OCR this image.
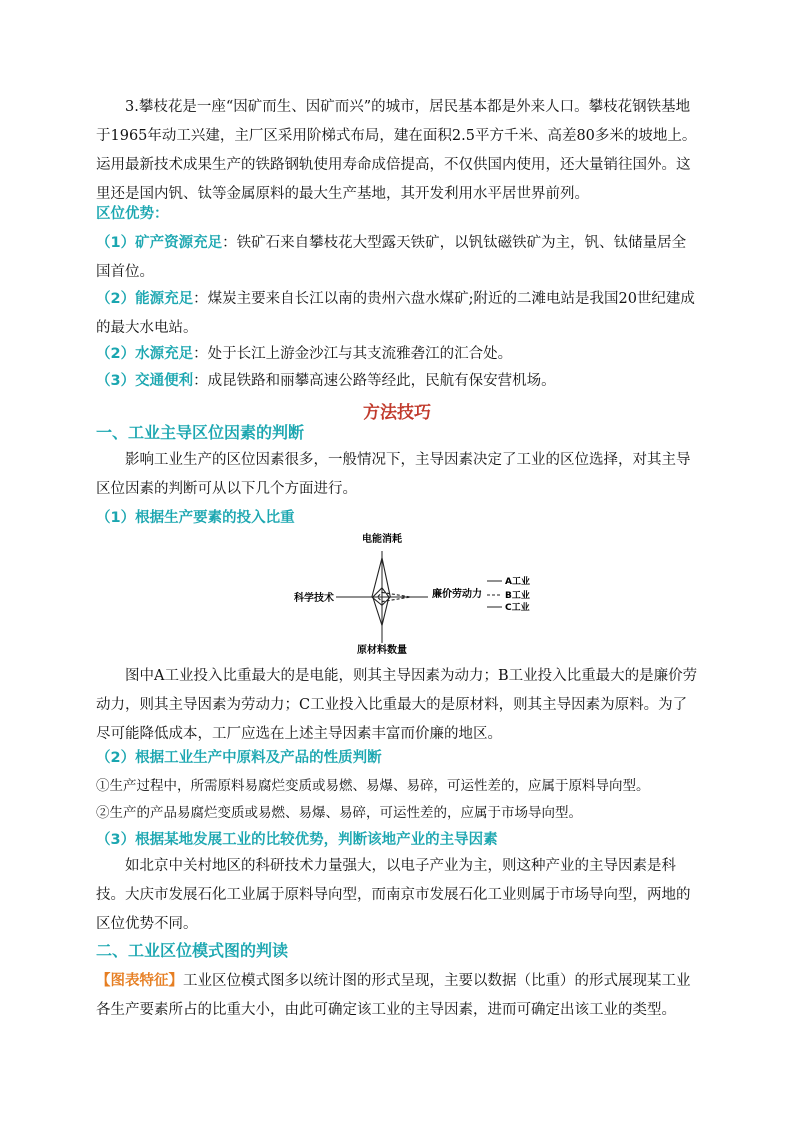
3.攀枝花是一座“因矿而生、因矿而兴”的城市，居民基本都是外来人口。攀枝花钢铁基地于1965年动工兴建，主厂区采用阶梯式布局，建在面积2.5平方千米、高差80多米的坡地上。运用最新技术成果生产的铁路钢轨使用寿命成倍提高，不仅供国内使用，还大量销往国外。这里还是国内钒、钛等金属原料的最大生产基地，其开发利用水平居世界前列。
区位优势：
（1）矿产资源充足：铁矿石来自攀枝花大型露天铁矿，以钒钛磁铁矿为主，钒、钛储量居全国首位。
（2）能源充足：煤炭主要来自长江以南的贵州六盘水煤矿;附近的二滩电站是我国20世纪建成的最大水电站。
（2）水源充足：处于长江上游金沙江与其支流雅砻江的汇合处。
（3）交通便利：成昆铁路和丽攀高速公路等经此，民航有保安营机场。
方法技巧
一、工业主导区位因素的判断
影响工业生产的区位因素很多，一般情况下，主导因素决定了工业的区位选择，对其主导区位因素的判断可从以下几个方面进行。
（1）根据生产要素的投入比重
电能消耗
廉价劳动力
原材料数量
科学技术
A工业
B工业
C工业
图中A工业投入比重最大的是电能，则其主导因素为动力；B工业投入比重最大的是廉价劳动力，则其主导因素为劳动力；C工业投入比重最大的是原材料，则其主导因素为原料。为了尽可能降低成本，工厂应选在上述主导因素丰富而价廉的地区。
（2）根据工业生产中原料及产品的性质判断
①生产过程中，所需原料易腐烂变质或易燃、易爆、易碎，可运性差的，应属于原料导向型。
②生产的产品易腐烂变质或易燃、易爆、易碎，可运性差的，应属于市场导向型。
（3）根据某地发展工业的比较优势，判断该地产业的主导因素
如北京中关村地区的科研技术力量强大，以电子产业为主，则这种产业的主导因素是科技。大庆市发展石化工业属于原料导向型，而南京市发展石化工业则属于市场导向型，两地的区位优势不同。
二、工业区位模式图的判读
【图表特征】工业区位模式图多以统计图的形式呈现，主要以数据（比重）的形式展现某工业各生产要素所占的比重大小，由此可确定该工业的主导因素，进而可确定出该工业的类型。
